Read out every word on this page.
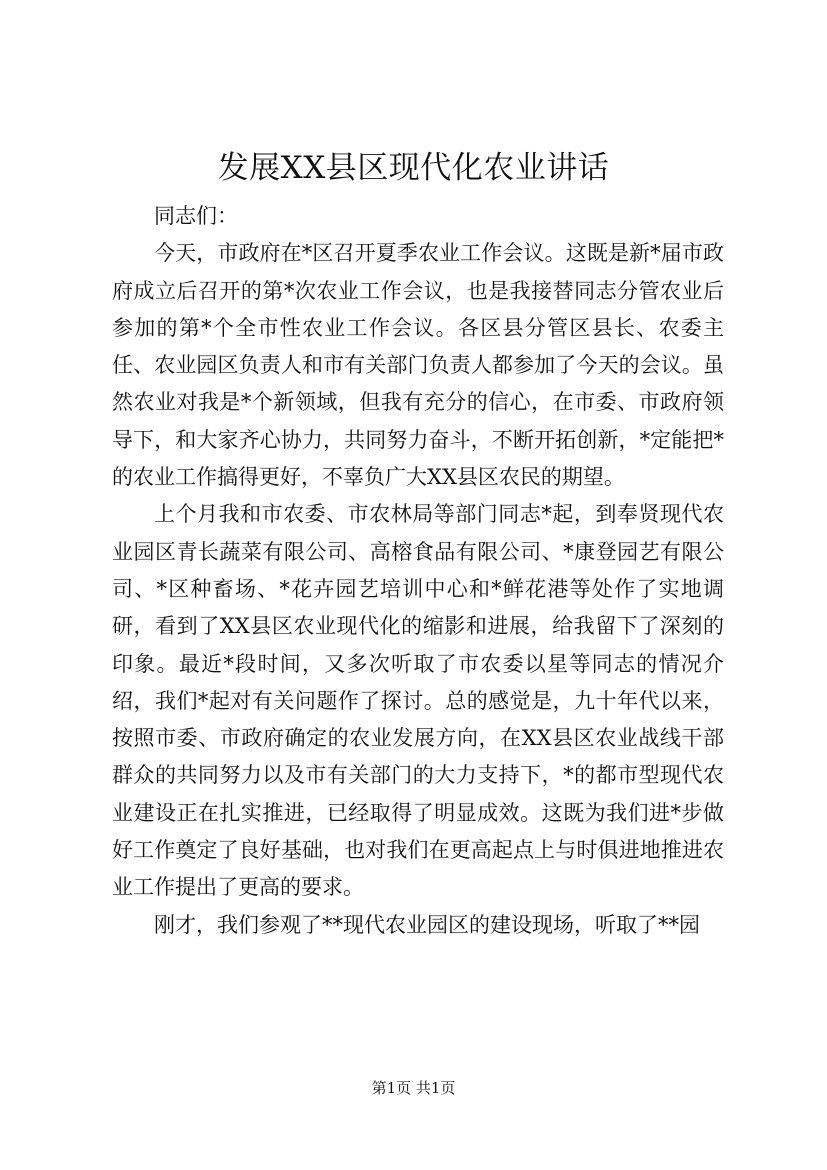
发展XX县区现代化农业讲话

同志们：

今天，市政府在*区召开夏季农业工作会议。这既是新*届市政府成立后召开的第*次农业工作会议，也是我接替同志分管农业后参加的第*个全市性农业工作会议。各区县分管区县长、农委主任、农业园区负责人和市有关部门负责人都参加了今天的会议。虽然农业对我是*个新领域，但我有充分的信心，在市委、市政府领导下，和大家齐心协力，共同努力奋斗，不断开拓创新，*定能把*的农业工作搞得更好，不辜负广大XX县区农民的期望。

上个月我和市农委、市农林局等部门同志*起，到奉贤现代农业园区青长蔬菜有限公司、高榕食品有限公司、*康登园艺有限公司、*区种畜场、*花卉园艺培训中心和*鲜花港等处作了实地调研，看到了XX县区农业现代化的缩影和进展，给我留下了深刻的印象。最近*段时间，又多次听取了市农委以星等同志的情况介绍，我们*起对有关问题作了探讨。总的感觉是，九十年代以来，按照市委、市政府确定的农业发展方向，在XX县区农业战线干部群众的共同努力以及市有关部门的大力支持下，*的都市型现代农业建设正在扎实推进，已经取得了明显成效。这既为我们进*步做好工作奠定了良好基础，也对我们在更高起点上与时俱进地推进农业工作提出了更高的要求。

刚才，我们参观了**现代农业园区的建设现场，听取了**园

第1页 共1页
